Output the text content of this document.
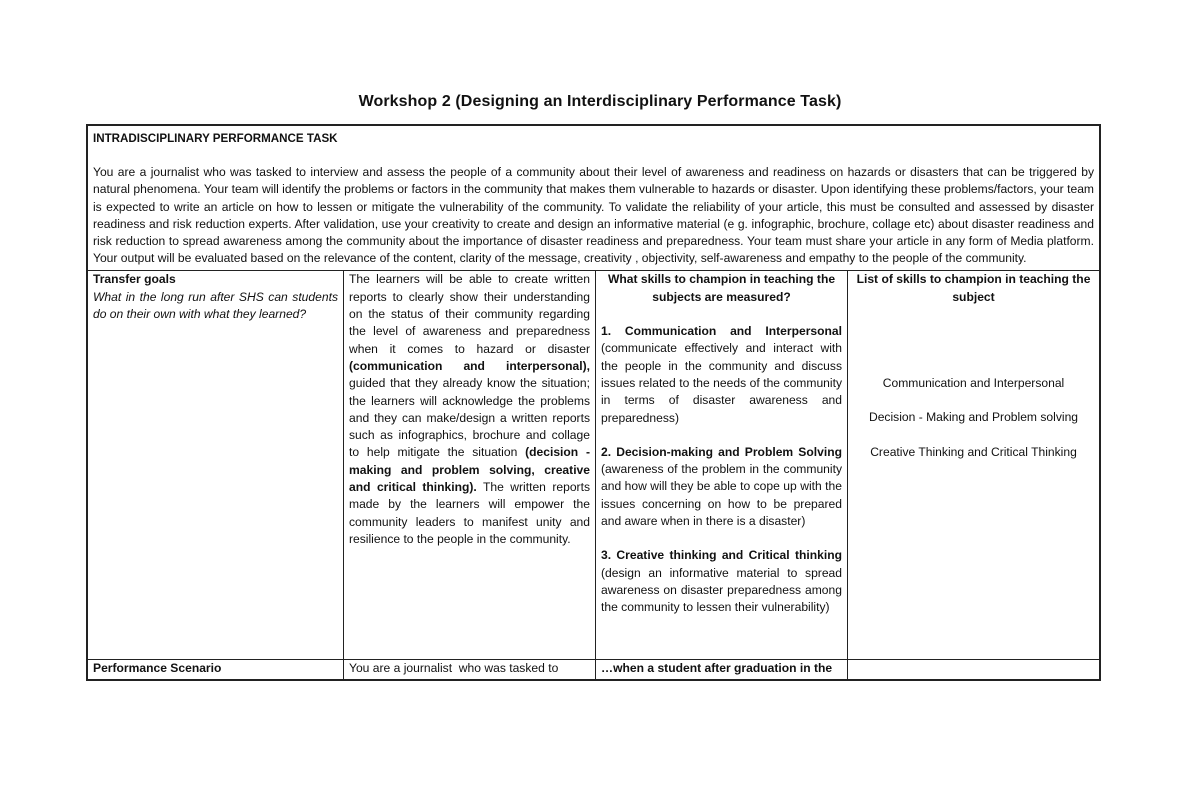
Workshop 2 (Designing an Interdisciplinary Performance Task)
INTRADISCIPLINARY PERFORMANCE TASK
You are a journalist who was tasked to interview and assess the people of a community about their level of awareness and readiness on hazards or disasters that can be triggered by natural phenomena. Your team will identify the problems or factors in the community that makes them vulnerable to hazards or disaster. Upon identifying these problems/factors, your team is expected to write an article on how to lessen or mitigate the vulnerability of the community. To validate the reliability of your article, this must be consulted and assessed by disaster readiness and risk reduction experts. After validation, use your creativity to create and design an informative material (e g. infographic, brochure, collage etc) about disaster readiness and risk reduction to spread awareness among the community about the importance of disaster readiness and preparedness. Your team must share your article in any form of Media platform. Your output will be evaluated based on the relevance of the content, clarity of the message, creativity , objectivity, self-awareness and empathy to the people of the community.
Transfer goals
What in the long run after SHS can students do on their own with what they learned?
The learners will be able to create written reports to clearly show their understanding on the status of their community regarding the level of awareness and preparedness when it comes to hazard or disaster (communication and interpersonal), guided that they already know the situation; the learners will acknowledge the problems and they can make/design a written reports such as infographics, brochure and collage to help mitigate the situation (decision - making and problem solving, creative and critical thinking). The written reports made by the learners will empower the community leaders to manifest unity and resilience to the people in the community.
What skills to champion in teaching the subjects are measured?
1. Communication and Interpersonal (communicate effectively and interact with the people in the community and discuss issues related to the needs of the community in terms of disaster awareness and preparedness)
2. Decision-making and Problem Solving (awareness of the problem in the community and how will they be able to cope up with the issues concerning on how to be prepared and aware when in there is a disaster)
3. Creative thinking and Critical thinking (design an informative material to spread awareness on disaster preparedness among the community to lessen their vulnerability)
List of skills to champion in teaching the subject
Communication and Interpersonal
Decision - Making and Problem solving
Creative Thinking and Critical Thinking
Performance Scenario	You are a journalist  who was tasked to	…when a student after graduation in the
